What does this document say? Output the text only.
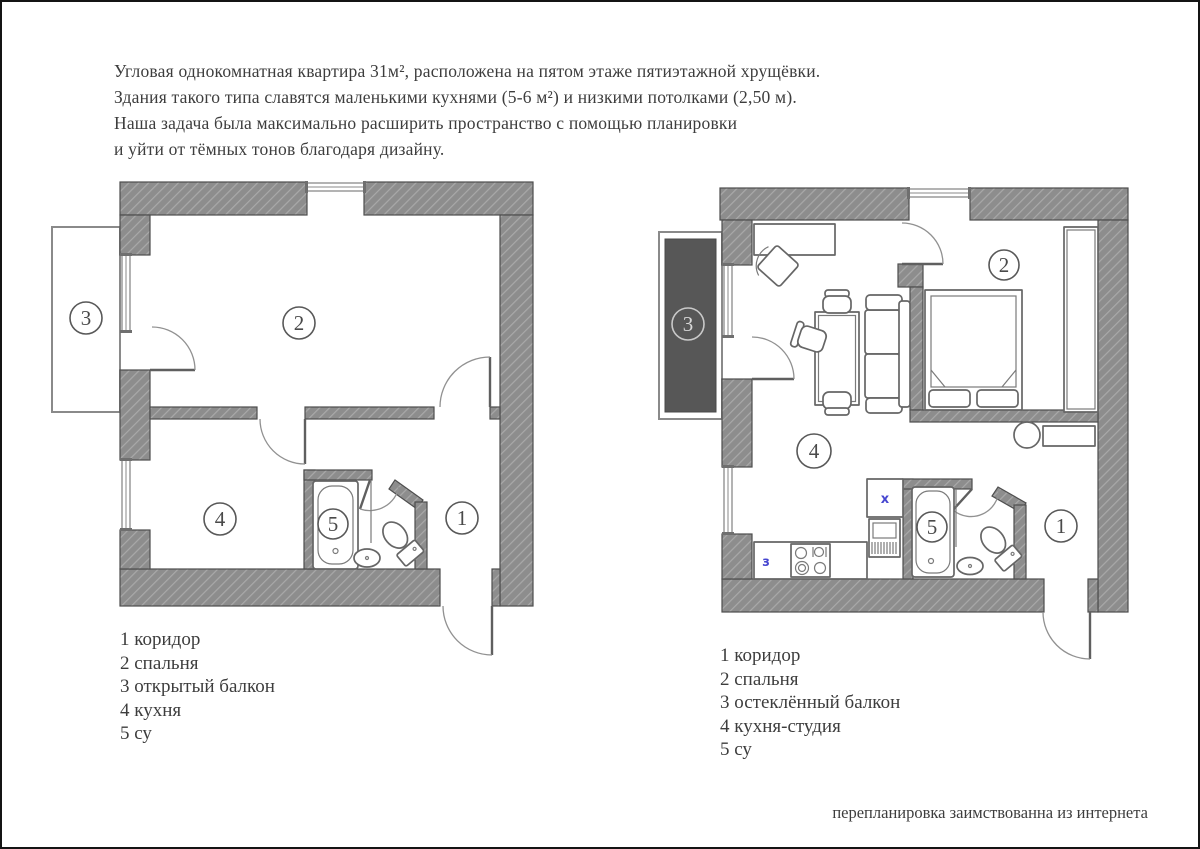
Угловая однокомнатная квартира 31м², расположена на пятом этаже пятиэтажной хрущёвки.
Здания такого типа славятся маленькими кухнями (5-6 м²) и низкими потолками (2,50 м).
Наша задача была максимально расширить пространство с помощью планировки
и уйти от тёмных тонов благодаря дизайну.
1
2
3
4	5
х
з
1
2
3
4
5
1 коридор
2 спальня
3 открытый балкон
4 кухня
5 су
1 коридор
2 спальня
3 остеклённый балкон
4 кухня-студия
5 су
перепланировка заимствованна из интернета
